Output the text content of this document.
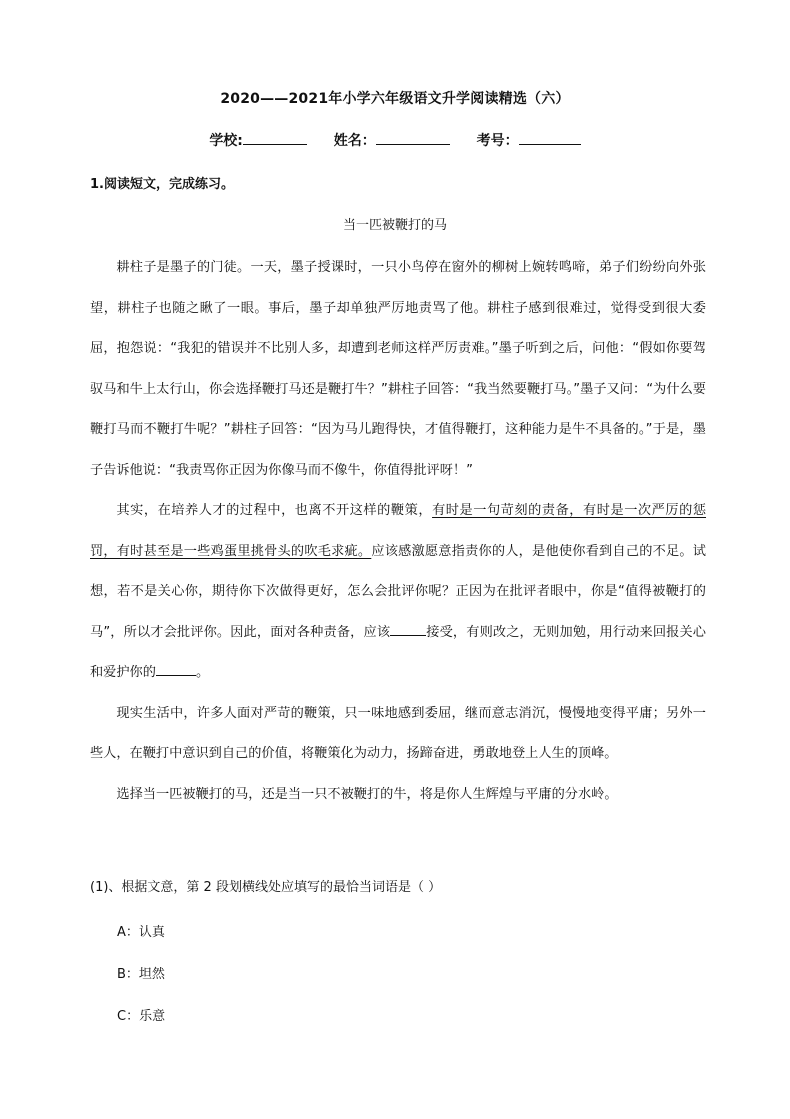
2020——2021年小学六年级语文升学阅读精选（六）
学校:	姓名：	考号：
1.阅读短文，完成练习。
当一匹被鞭打的马

耕柱子是墨子的门徒。一天，墨子授课时，一只小鸟停在窗外的柳树上婉转鸣啼，弟子们纷纷向外张望，耕柱子也随之瞅了一眼。事后，墨子却单独严厉地责骂了他。耕柱子感到很难过，觉得受到很大委屈，抱怨说：“我犯的错误并不比别人多，却遭到老师这样严厉责难。”墨子听到之后，问他：“假如你要驾驭马和牛上太行山，你会选择鞭打马还是鞭打牛？”耕柱子回答：“我当然要鞭打马。”墨子又问：“为什么要鞭打马而不鞭打牛呢？”耕柱子回答：“因为马儿跑得快，才值得鞭打，这种能力是牛不具备的。”于是，墨子告诉他说：“我责骂你正因为你像马而不像牛，你值得批评呀！”

其实，在培养人才的过程中，也离不开这样的鞭策，有时是一句苛刻的责备，有时是一次严厉的惩罚，有时甚至是一些鸡蛋里挑骨头的吹毛求疵。应该感激愿意指责你的人，是他使你看到自己的不足。试想，若不是关心你，期待你下次做得更好，怎么会批评你呢？正因为在批评者眼中，你是“值得被鞭打的马”，所以才会批评你。因此，面对各种责备，应该	接受，有则改之，无则加勉，用行动来回报关心和爱护你的	。

现实生活中，许多人面对严苛的鞭策，只一味地感到委屈，继而意志消沉，慢慢地变得平庸；另外一些人，在鞭打中意识到自己的价值，将鞭策化为动力，扬蹄奋进，勇敢地登上人生的顶峰。

选择当一匹被鞭打的马，还是当一只不被鞭打的牛，将是你人生辉煌与平庸的分水岭。

(1)、根据文意，第 2 段划横线处应填写的最恰当词语是（ ）
A：认真
B：坦然
C：乐意
